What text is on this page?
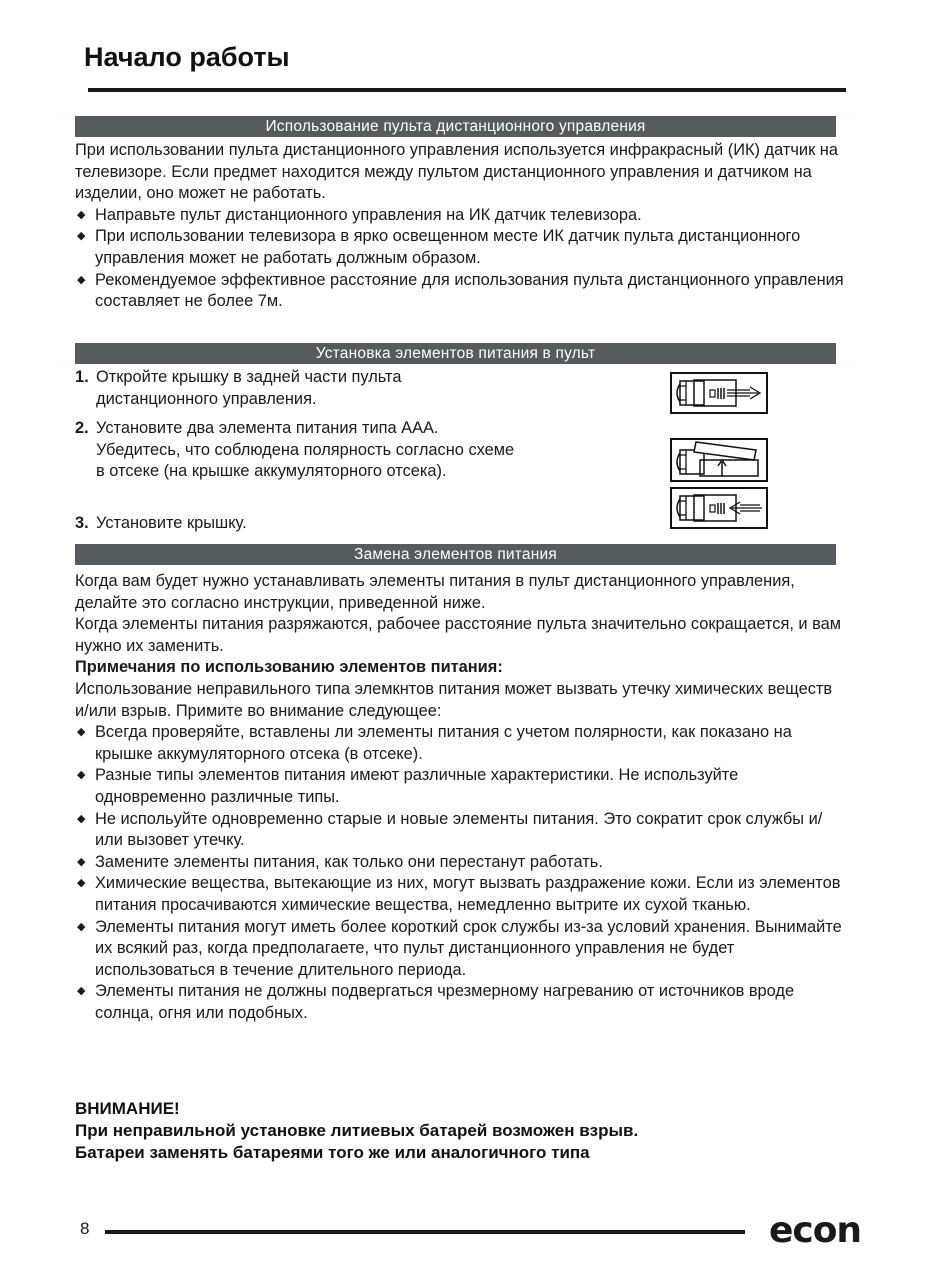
Начало работы
Использование пульта дистанционного управления

При использовании пульта дистанционного управления используется инфракрасный (ИК) датчик на телевизоре. Если предмет находится между пультом дистанционного управления и датчиком на изделии, оно может не работать.

◆ Направьте пульт дистанционного управления на ИК датчик телевизора.
◆ При использовании телевизора в ярко освещенном месте ИК датчик пульта дистанционного управления может не работать должным образом.
◆ Рекомендуемое эффективное расстояние для использования пульта дистанционного управления составляет не более 7м.
Установка элементов питания в пульт
1. Откройте крышку в задней части пульта дистанционного управления.
2. Установите два элемента питания типа ААА. Убедитесь, что соблюдена полярность согласно схеме в отсеке (на крышке аккумуляторного отсека).
3. Установите крышку.
Замена элементов питания

Когда вам будет нужно устанавливать элементы питания в пульт дистанционного управления, делайте это согласно инструкции, приведенной ниже.

Когда элементы питания разряжаются, рабочее расстояние пульта значительно сокращается, и вам нужно их заменить.

Примечания по использованию элементов питания:

Использование неправильного типа элемкнтов питания может вызвать утечку химических веществ и/или взрыв. Примите во внимание следующее:

◆ Всегда проверяйте, вставлены ли элементы питания с учетом полярности, как показано на крышке аккумуляторного отсека (в отсеке).
◆ Разные типы элементов питания имеют различные характеристики. Не используйте одновременно различные типы.
◆ Не испольуйте одновременно старые и новые элементы питания. Это сократит срок службы и/или вызовет утечку.
◆ Замените элементы питания, как только они перестанут работать.
◆ Химические вещества, вытекающие из них, могут вызвать раздражение кожи. Если из элементов питания просачиваются химические вещества, немедленно вытрите их сухой тканью.
◆ Элементы питания могут иметь более короткий срок службы из-за условий хранения. Вынимайте их всякий раз, когда предполагаете, что пульт дистанционного управления не будет использоваться в течение длительного периода.
◆ Элементы питания не должны подвергаться чрезмерному нагреванию от источников вроде солнца, огня или подобных.
ВНИМАНИЕ!
При неправильной установке литиевых батарей возможен взрыв.
Батареи заменять батареями того же или аналогичного типа
8	econ
